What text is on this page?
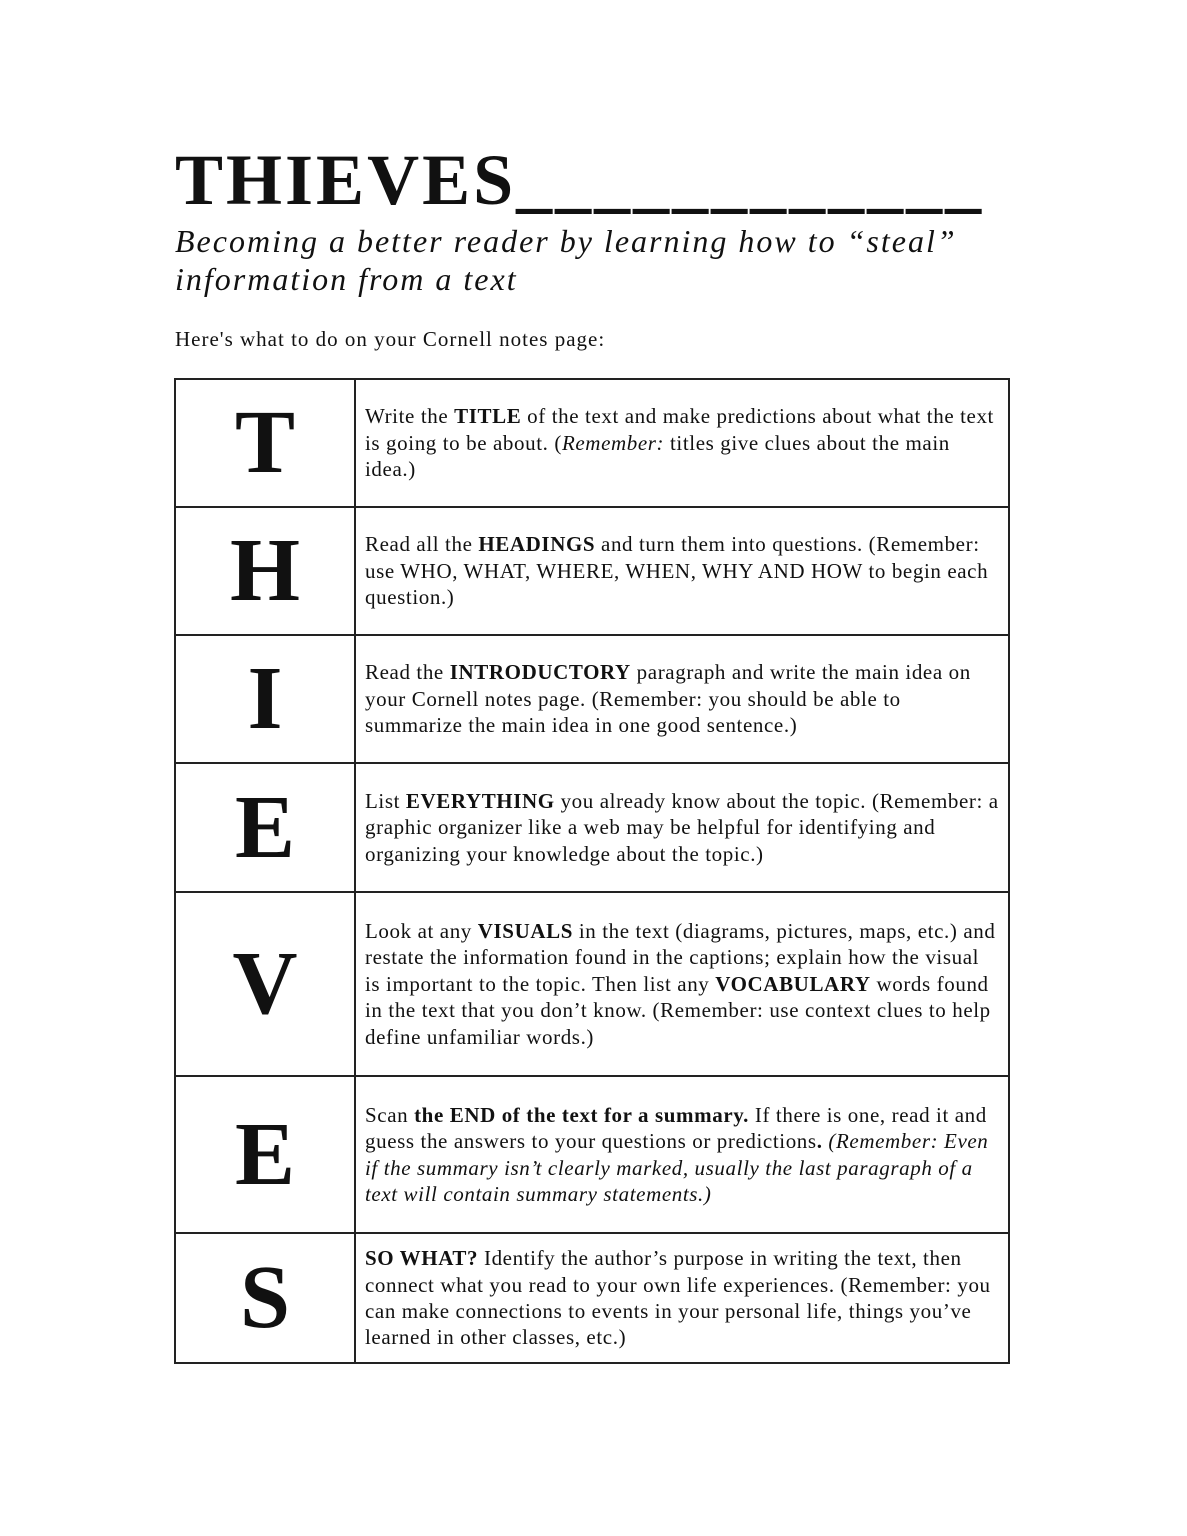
THIEVES____________

Becoming a better reader by learning how to “steal” information from a text

Here's what to do on your Cornell notes page:

T	Write the TITLE of the text and make predictions about what the text is going to be about. (Remember: titles give clues about the main idea.)
H	Read all the HEADINGS and turn them into questions. (Remember: use WHO, WHAT, WHERE, WHEN, WHY AND HOW to begin each question.)
I	Read the INTRODUCTORY paragraph and write the main idea on your Cornell notes page. (Remember: you should be able to summarize the main idea in one good sentence.)
E	List EVERYTHING you already know about the topic. (Remember: a graphic organizer like a web may be helpful for identifying and organizing your knowledge about the topic.)
V	Look at any VISUALS in the text (diagrams, pictures, maps, etc.) and restate the information found in the captions; explain how the visual is important to the topic. Then list any VOCABULARY words found in the text that you don’t know. (Remember: use context clues to help define unfamiliar words.)
E	Scan the END of the text for a summary. If there is one, read it and guess the answers to your questions or predictions. (Remember: Even if the summary isn’t clearly marked, usually the last paragraph of a text will contain summary statements.)
S	SO WHAT? Identify the author’s purpose in writing the text, then connect what you read to your own life experiences. (Remember: you can make connections to events in your personal life, things you’ve learned in other classes, etc.)
